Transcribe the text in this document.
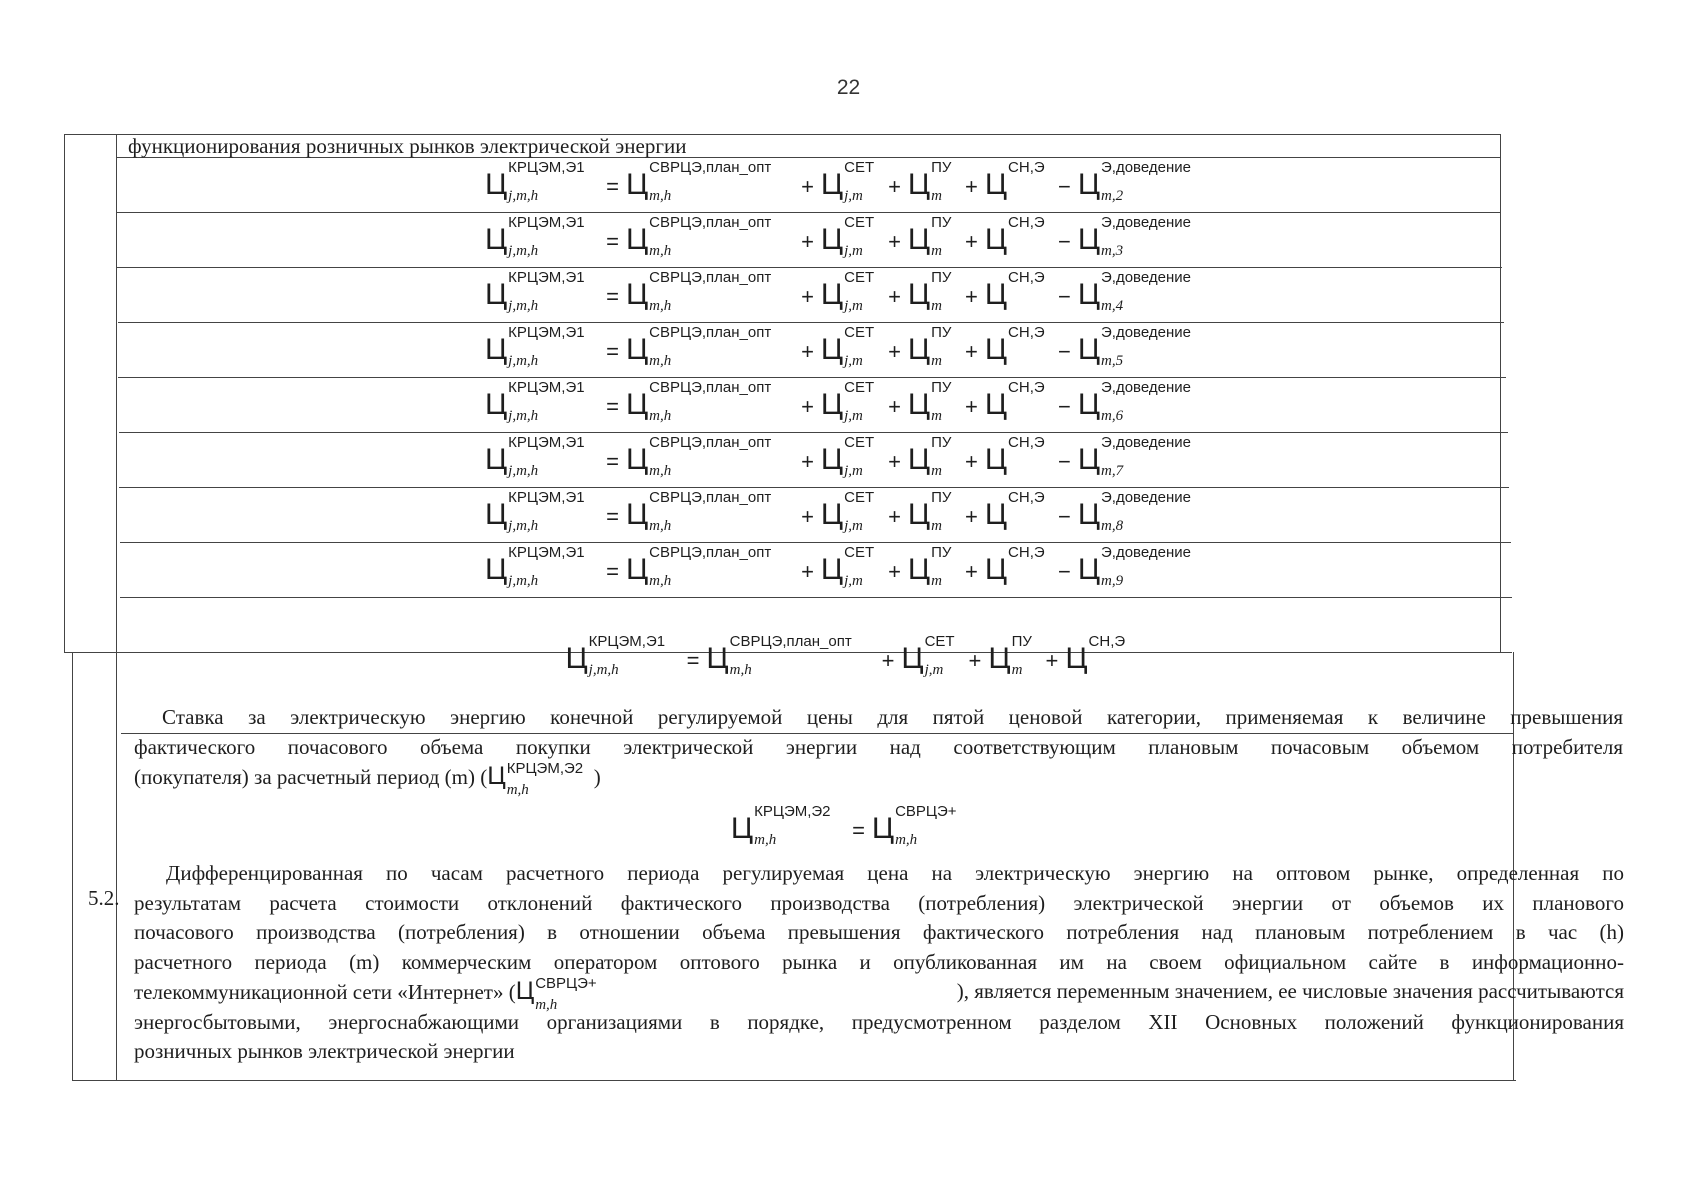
22
функционирования розничных рынков электрической энергии
5.2.
Ц
КРЦЭМ,Э1
j,m,h	= Ц
СВРЦЭ,план_опт
m,h	+ Ц
СЕТ
j,m + Ц
ПУ
m + Ц
СН,Э
− Ц
Э,доведение
m,2
Ц
КРЦЭМ,Э1
j,m,h	= Ц
СВРЦЭ,план_опт
m,h	+ Ц
СЕТ
j,m + Ц
ПУ
m + Ц
СН,Э
− Ц
Э,доведение
m,3
Ц
КРЦЭМ,Э1
j,m,h	= Ц
СВРЦЭ,план_опт
m,h	+ Ц
СЕТ
j,m + Ц
ПУ
m + Ц
СН,Э
− Ц
Э,доведение
m,4
Ц
КРЦЭМ,Э1
j,m,h	= Ц
СВРЦЭ,план_опт
m,h	+ Ц
СЕТ
j,m + Ц
ПУ
m + Ц
СН,Э
− Ц
Э,доведение
m,5
Ц
КРЦЭМ,Э1
j,m,h	= Ц
СВРЦЭ,план_опт
m,h	+ Ц
СЕТ
j,m + Ц
ПУ
m + Ц
СН,Э
− Ц
Э,доведение
m,6
Ц
КРЦЭМ,Э1
j,m,h	= Ц
СВРЦЭ,план_опт
m,h	+ Ц
СЕТ
j,m + Ц
ПУ
m + Ц
СН,Э
− Ц
Э,доведение
m,7
Ц
КРЦЭМ,Э1
j,m,h	= Ц
СВРЦЭ,план_опт
m,h	+ Ц
СЕТ
j,m + Ц
ПУ
m + Ц
СН,Э
− Ц
Э,доведение
m,8
Ц
КРЦЭМ,Э1
j,m,h	= Ц
СВРЦЭ,план_опт
m,h	+ Ц
СЕТ
j,m + Ц
ПУ
m + Ц
СН,Э
− Ц
Э,доведение
m,9
Ц
КРЦЭМ,Э1
j,m,h	= Ц
СВРЦЭ,план_опт
m,h	+ Ц
СЕТ
j,m + Ц
ПУ
m + Ц
СН,Э
Ставка за электрическую энергию конечной регулируемой цены для пятой ценовой категории, применяемая к величине превышения
фактического почасового объема покупки электрической энергии над соответствующим плановым почасовым объемом потребителя
(покупателя) за расчетный период (m) (Ц КРЦЭМ,Э2
m,h
)
Ц
КРЦЭМ,Э2
m,h	= Ц
СВРЦЭ+
m,h
Дифференцированная по часам расчетного периода регулируемая цена на электрическую энергию на оптовом рынке, определенная по
результатам расчета стоимости отклонений фактического производства (потребления) электрической энергии от объемов их планового
почасового производства (потребления) в отношении объема превышения фактического потребления над плановым потреблением в час (h)
расчетного периода (m) коммерческим оператором оптового рынка и опубликованная им на своем официальном сайте в информационно-
телекоммуникационной сети «Интернет» (Ц СВРЦЭ+
m,h
), является переменным значением, ее числовые значения рассчитываются
энергосбытовыми, энергоснабжающими организациями в порядке, предусмотренном разделом XII Основных положений функционирования
розничных рынков электрической энергии
